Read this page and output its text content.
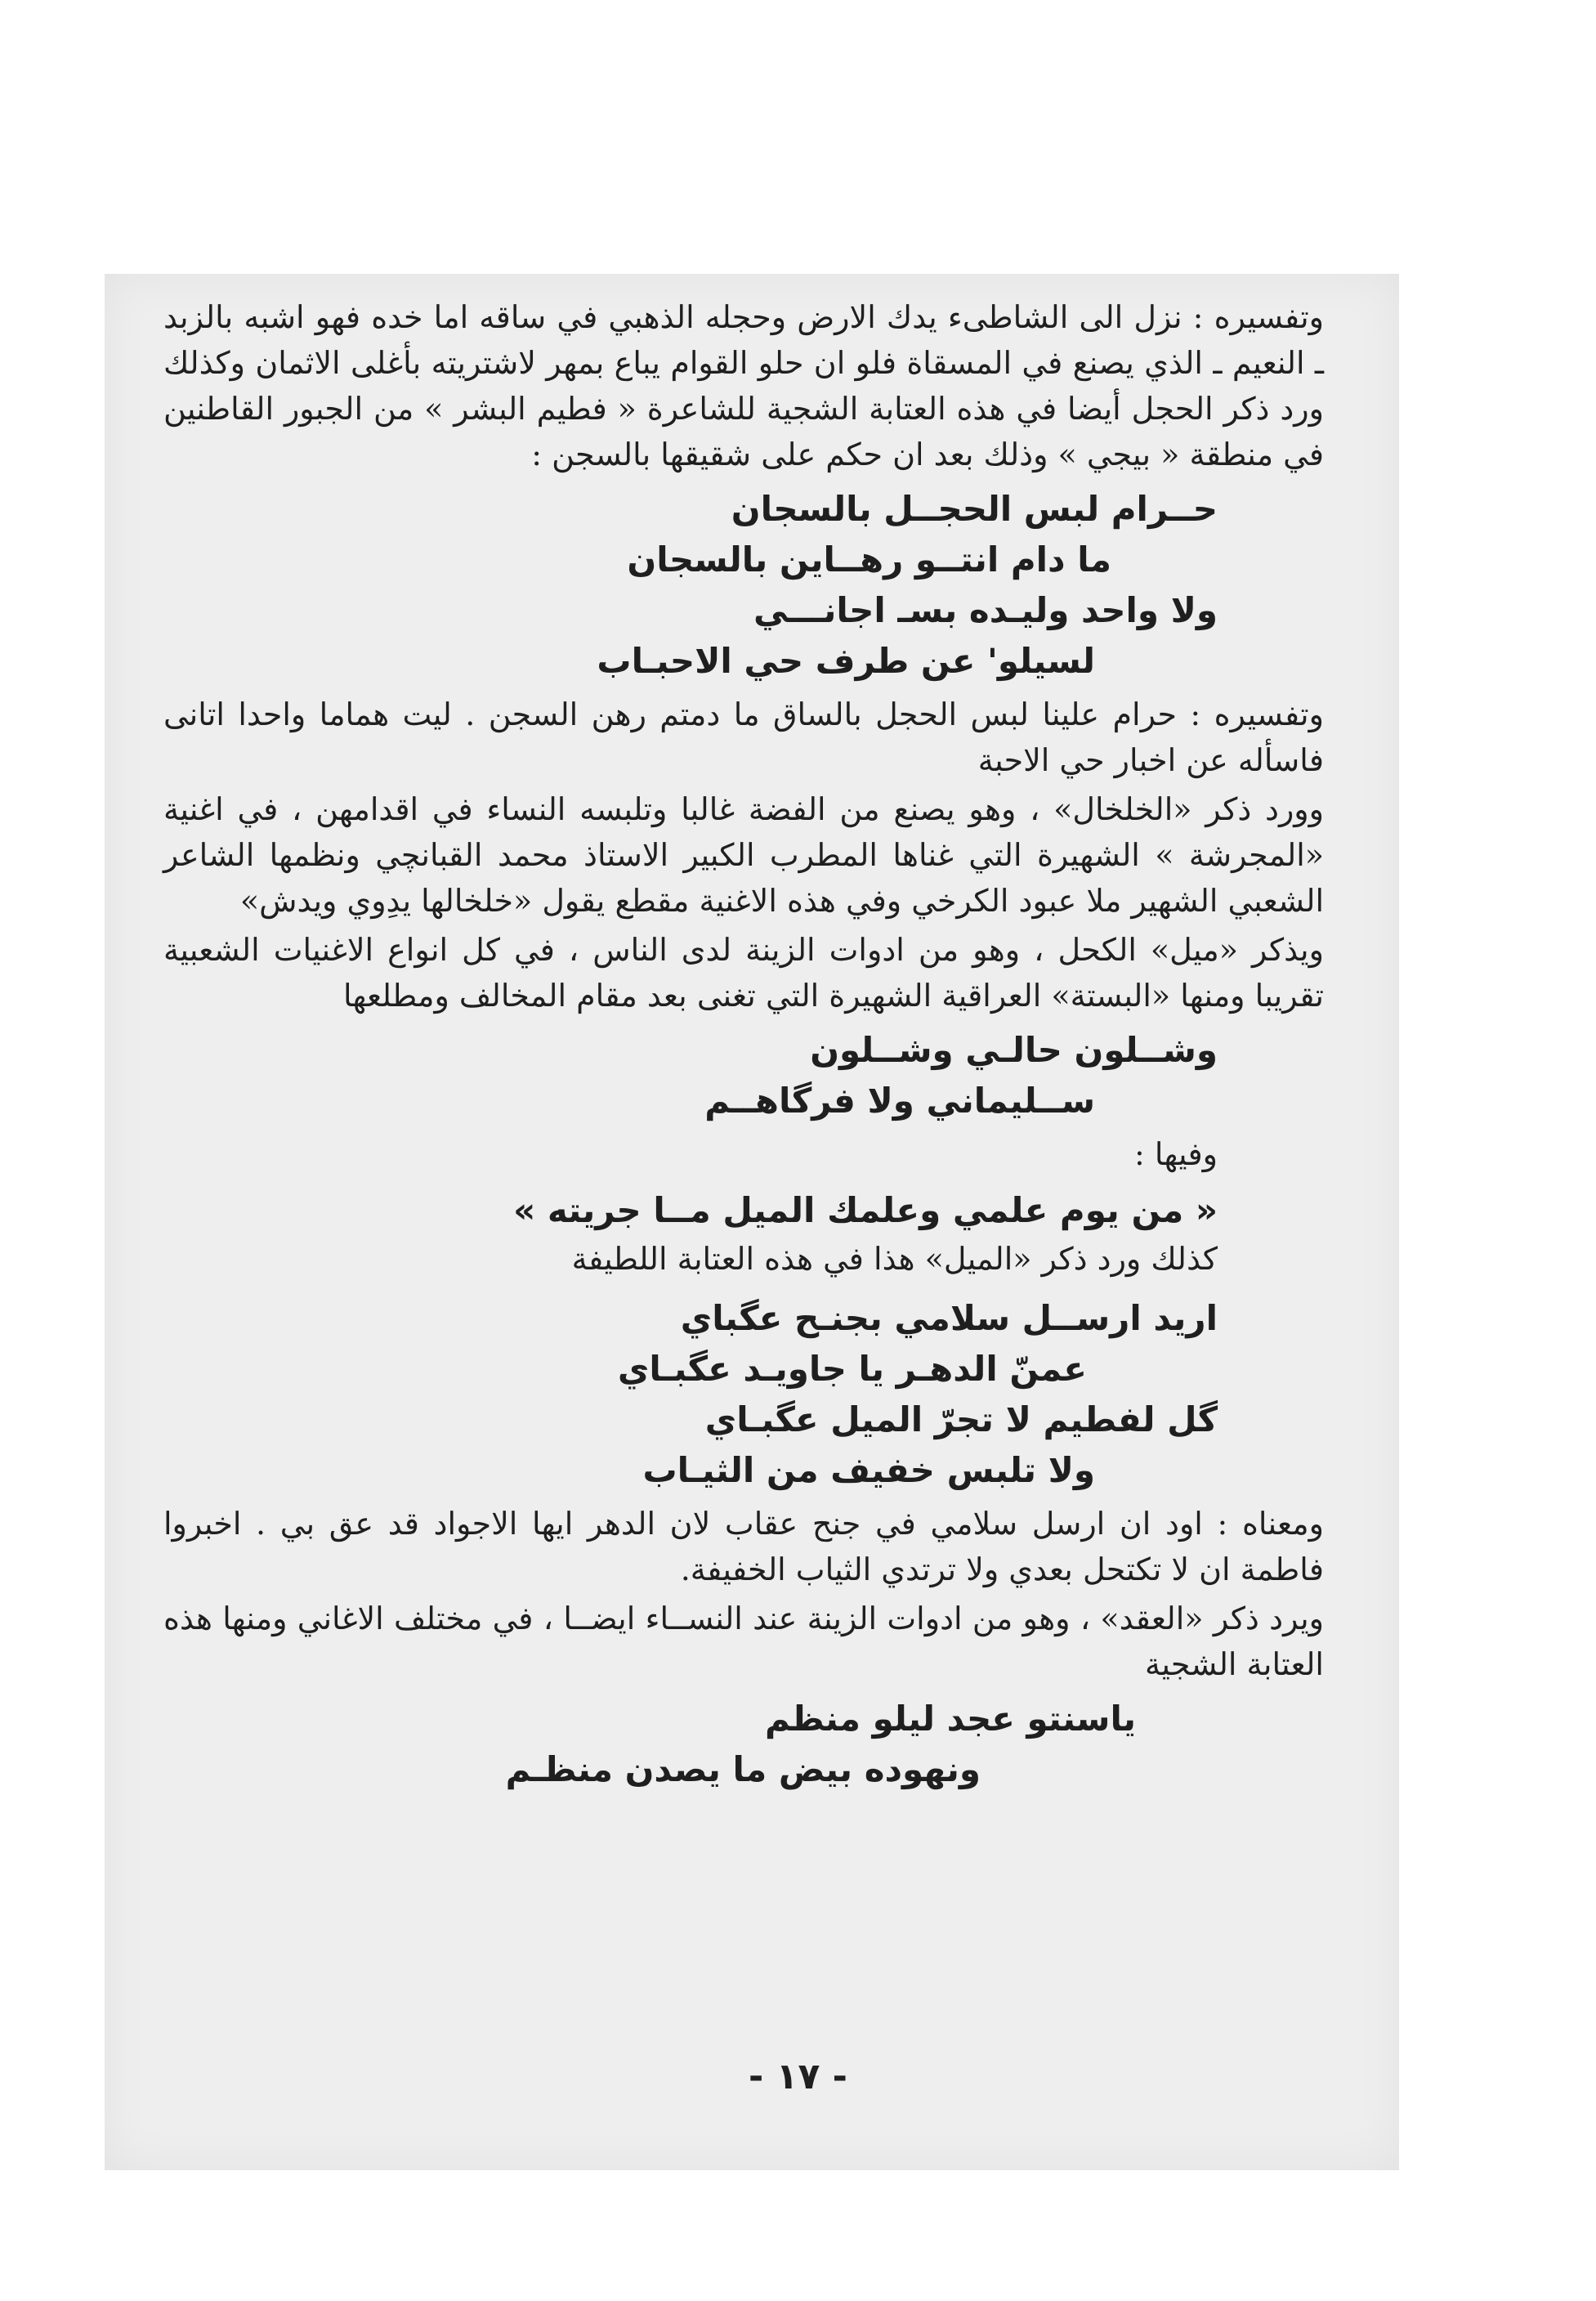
وتفسيره : نزل الى الشاطىء يدك الارض وحجله الذهبي في ساقه اما خده فهو اشبه بالزبد ـ النعيم ـ الذي يصنع في المسقاة فلو ان حلو القوام يباع بمهر لاشتريته بأغلى الاثمان وكذلك ورد ذكر الحجل أيضا في هذه العتابة الشجية للشاعرة « فطيم البشر » من الجبور القاطنين في منطقة « بيجي » وذلك بعد ان حكم على شقيقها بالسجن :

حــرام لبس الحجــل بالسجان

ما دام انتــو رهــاين بالسجان

ولا واحد وليـده بسـ اجانـــي

لسيلو' عن طرف حي الاحبـاب

وتفسيره : حرام علينا لبس الحجل بالساق ما دمتم رهن السجن . ليت هماما واحدا اتانى فاسأله عن اخبار حي الاحبة

وورد ذكر «الخلخال» ، وهو يصنع من الفضة غالبا وتلبسه النساء في اقدامهن ، في اغنية «المجرشة » الشهيرة التي غناها المطرب الكبير الاستاذ محمد القبانچي ونظمها الشاعر الشعبي الشهير ملا عبود الكرخي وفي هذه الاغنية مقطع يقول «خلخالها يدِوي ويدش»

ويذكر «ميل» الكحل ، وهو من ادوات الزينة لدى الناس ، في كل انواع الاغنيات الشعبية تقريبا ومنها «البستة» العراقية الشهيرة التي تغنى بعد مقام المخالف ومطلعها

وشــلون حالـي وشــلون

ســليماني ولا فرگاهــم

وفيها :

« من يوم علمي وعلمك الميل مــا جريته »

كذلك ورد ذكر «الميل» هذا في هذه العتابة اللطيفة

اريد ارســل سلامي بجنـح عگباي

عمنّ الدهـر يا جاويـد عگبـاي

گل لفطيم لا تجرّ الميل عگبـاي

ولا تلبس خفيف من الثيـاب

ومعناه : اود ان ارسل سلامي في جنح عقاب لان الدهر ايها الاجواد قد عق بي . اخبروا فاطمة ان لا تكتحل بعدي ولا ترتدي الثياب الخفيفة.

ويرد ذكر «العقد» ، وهو من ادوات الزينة عند النســاء ايضــا ، في مختلف الاغاني ومنها هذه العتابة الشجية

ياسنتو عجد ليلو منظم

ونهوده بيض ما يصدن منظـم

- ١٧ -
